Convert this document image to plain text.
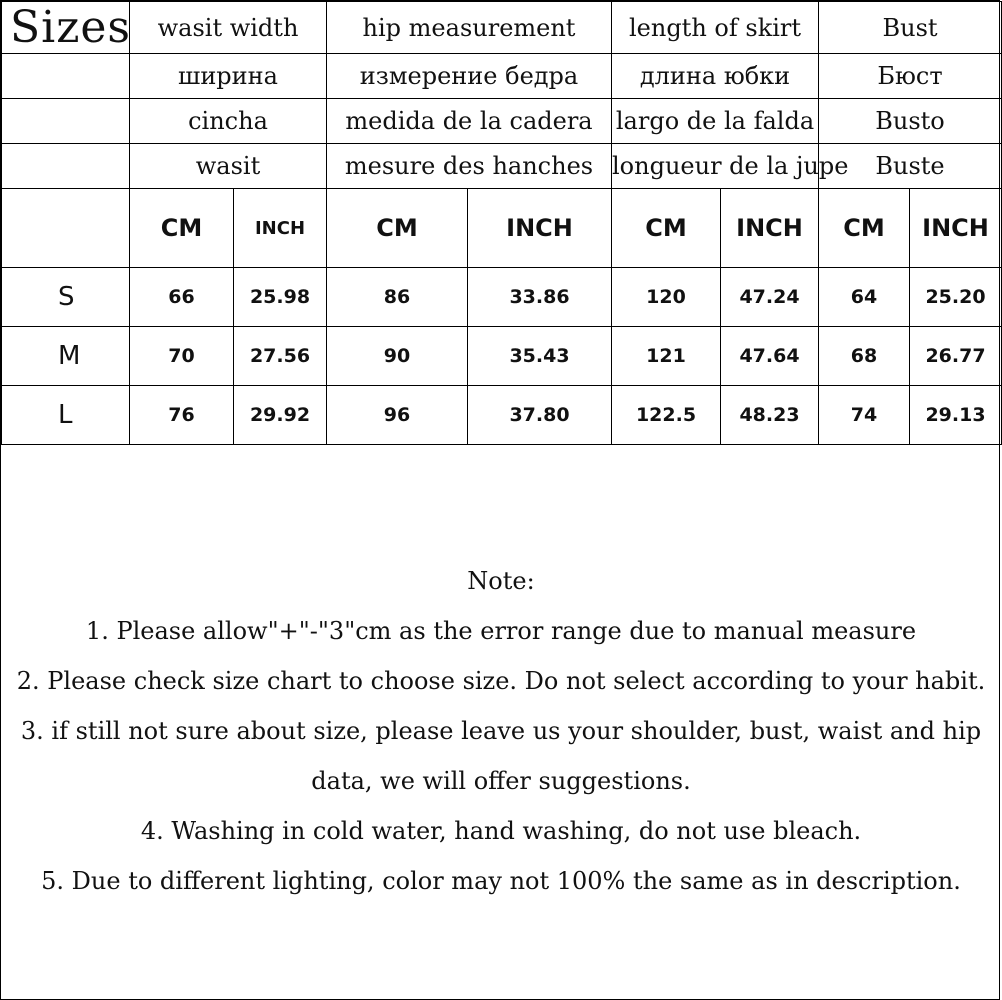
Sizes	wasit width		hip measurement		length of skirt		Bust	
	ширина		измерение бедра		длина юбки		Бюст	
	cincha		medida de la cadera		largo de la falda		Busto	
	wasit		mesure des hanches		longueur de la jupe		Buste	
	CM	INCH	CM	INCH	CM	INCH	CM	INCH
S	66	25.98	86	33.86	120	47.24	64	25.20
M	70	27.56	90	35.43	121	47.64	68	26.77
L	76	29.92	96	37.80	122.5	48.23	74	29.13
Note:
1. Please allow"+"-"3"cm as the error range due to manual measure
2. Please check size chart to choose size. Do not select according to your habit.
3. if still not sure about size, please leave us your shoulder, bust, waist and hip
data, we will offer suggestions.
4. Washing in cold water, hand washing, do not use bleach.
5. Due to different lighting, color may not 100% the same as in description.
